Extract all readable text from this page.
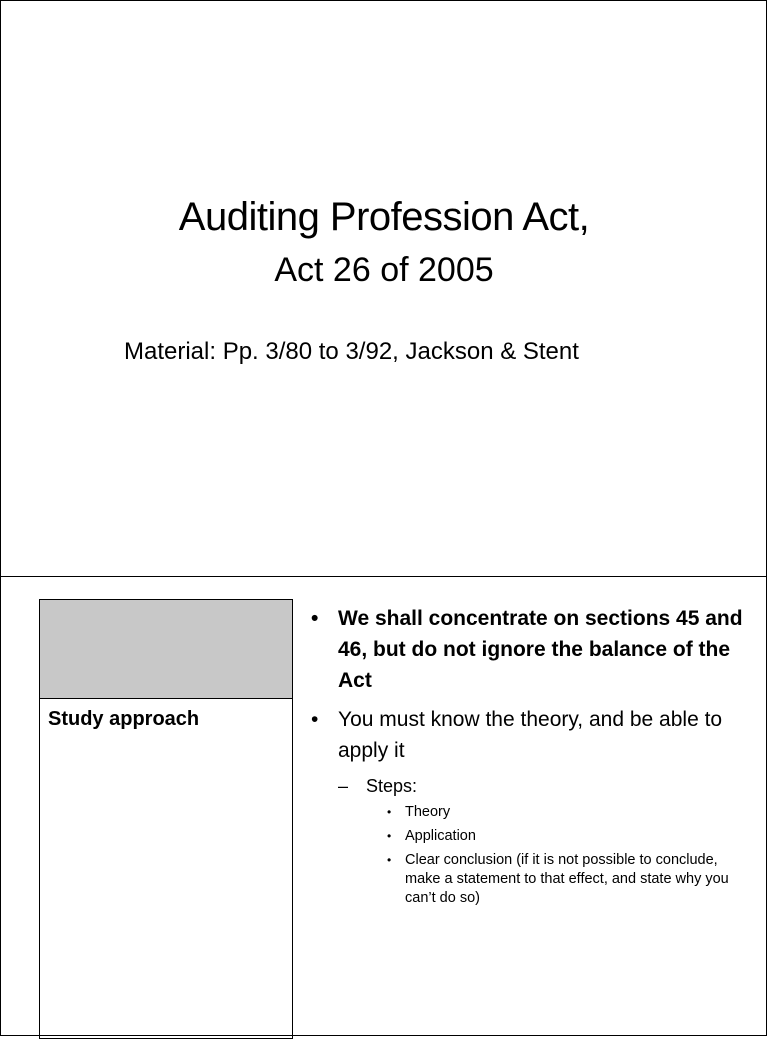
Auditing Profession Act,
Act 26 of 2005
Material: Pp. 3/80 to 3/92, Jackson & Stent
Study approach
• We shall concentrate on sections 45 and 46, but do not ignore the balance of the Act
• You must know the theory, and be able to apply it
– Steps:
• Theory
• Application
• Clear conclusion (if it is not possible to conclude, make a statement to that effect, and state why you can’t do so)
